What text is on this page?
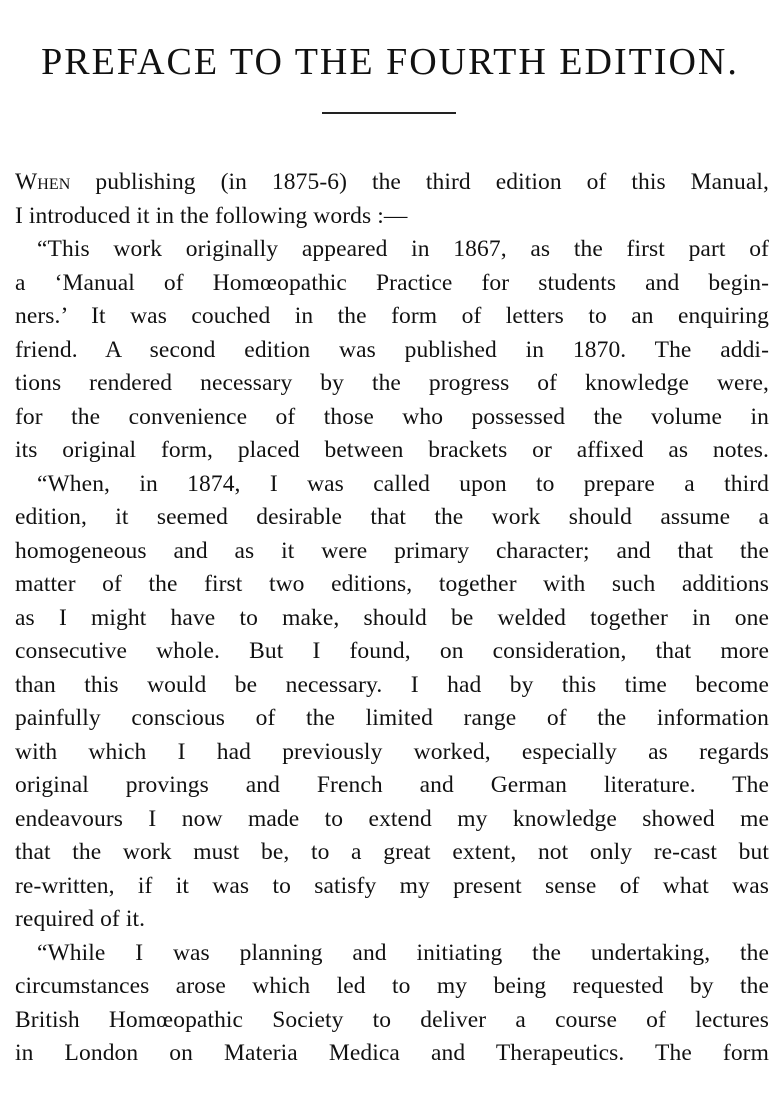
PREFACE TO THE FOURTH EDITION.
When publishing (in 1875-6) the third edition of this Manual,
I introduced it in the following words :—
“This work originally appeared in 1867, as the first part of
a ‘Manual of Homœopathic Practice for students and begin-
ners.’ It was couched in the form of letters to an enquiring
friend. A second edition was published in 1870. The addi-
tions rendered necessary by the progress of knowledge were,
for the convenience of those who possessed the volume in
its original form, placed between brackets or affixed as notes.
“When, in 1874, I was called upon to prepare a third
edition, it seemed desirable that the work should assume a
homogeneous and as it were primary character; and that the
matter of the first two editions, together with such additions
as I might have to make, should be welded together in one
consecutive whole. But I found, on consideration, that more
than this would be necessary. I had by this time become
painfully conscious of the limited range of the information
with which I had previously worked, especially as regards
original provings and French and German literature. The
endeavours I now made to extend my knowledge showed me
that the work must be, to a great extent, not only re-cast but
re-written, if it was to satisfy my present sense of what was
required of it.
“While I was planning and initiating the undertaking, the
circumstances arose which led to my being requested by the
British Homœopathic Society to deliver a course of lectures
in London on Materia Medica and Therapeutics. The form
